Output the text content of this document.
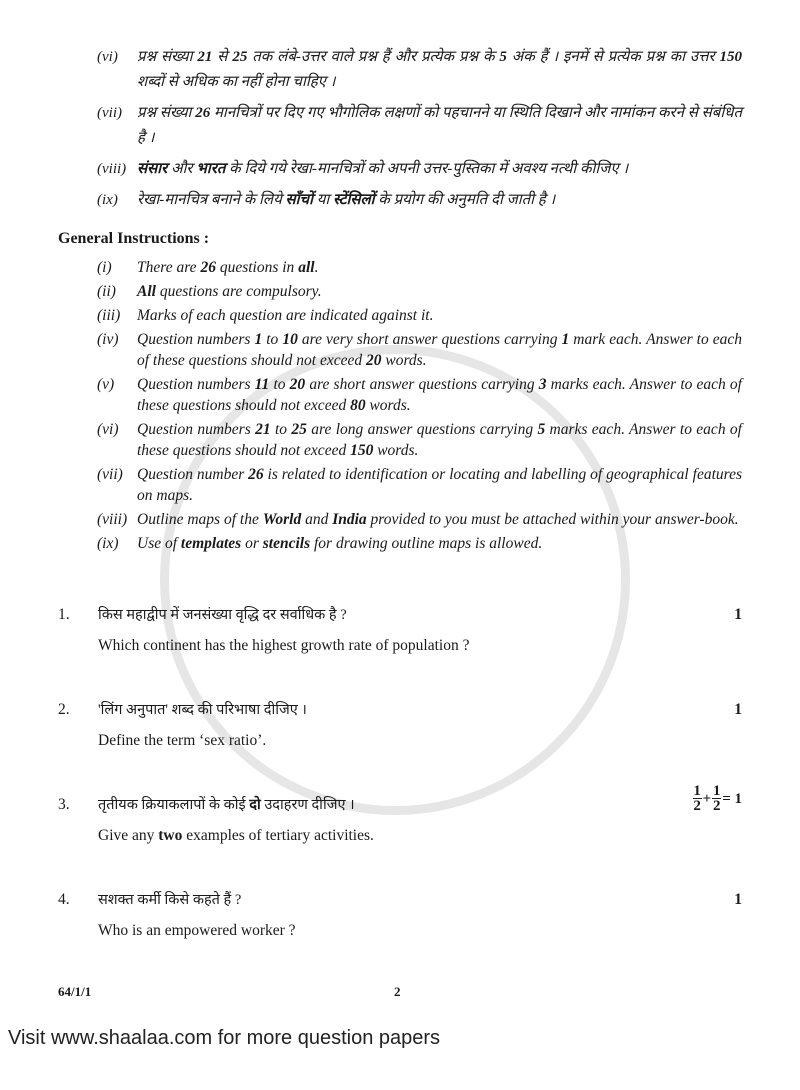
(vi) प्रश्न संख्या 21 से 25 तक लंबे-उत्तर वाले प्रश्न हैं और प्रत्येक प्रश्न के 5 अंक हैं । इनमें से प्रत्येक प्रश्न का उत्तर 150 शब्दों से अधिक का नहीं होना चाहिए ।
(vii) प्रश्न संख्या 26 मानचित्रों पर दिए गए भौगोलिक लक्षणों को पहचानने या स्थिति दिखाने और नामांकन करने से संबंधित है ।
(viii) संसार और भारत के दिये गये रेखा-मानचित्रों को अपनी उत्तर-पुस्तिका में अवश्य नत्थी कीजिए ।
(ix) रेखा-मानचित्र बनाने के लिये साँचों या स्टेंसिलों के प्रयोग की अनुमति दी जाती है ।
General Instructions :
(i) There are 26 questions in all.
(ii) All questions are compulsory.
(iii) Marks of each question are indicated against it.
(iv) Question numbers 1 to 10 are very short answer questions carrying 1 mark each. Answer to each of these questions should not exceed 20 words.
(v) Question numbers 11 to 20 are short answer questions carrying 3 marks each. Answer to each of these questions should not exceed 80 words.
(vi) Question numbers 21 to 25 are long answer questions carrying 5 marks each. Answer to each of these questions should not exceed 150 words.
(vii) Question number 26 is related to identification or locating and labelling of geographical features on maps.
(viii) Outline maps of the World and India provided to you must be attached within your answer-book.
(ix) Use of templates or stencils for drawing outline maps is allowed.
1. किस महाद्वीप में जनसंख्या वृद्धि दर सर्वाधिक है ?
Which continent has the highest growth rate of population ?
1
2. 'लिंग अनुपात' शब्द की परिभाषा दीजिए ।
Define the term ‘sex ratio’.
1
3. तृतीयक क्रियाकलापों के कोई दो उदाहरण दीजिए ।
Give any two examples of tertiary activities.
1
2 + 1
2 = 1
4. सशक्त कर्मी किसे कहते हैं ?
Who is an empowered worker ?
1
64/1/1	2
Visit www.shaalaa.com for more question papers
